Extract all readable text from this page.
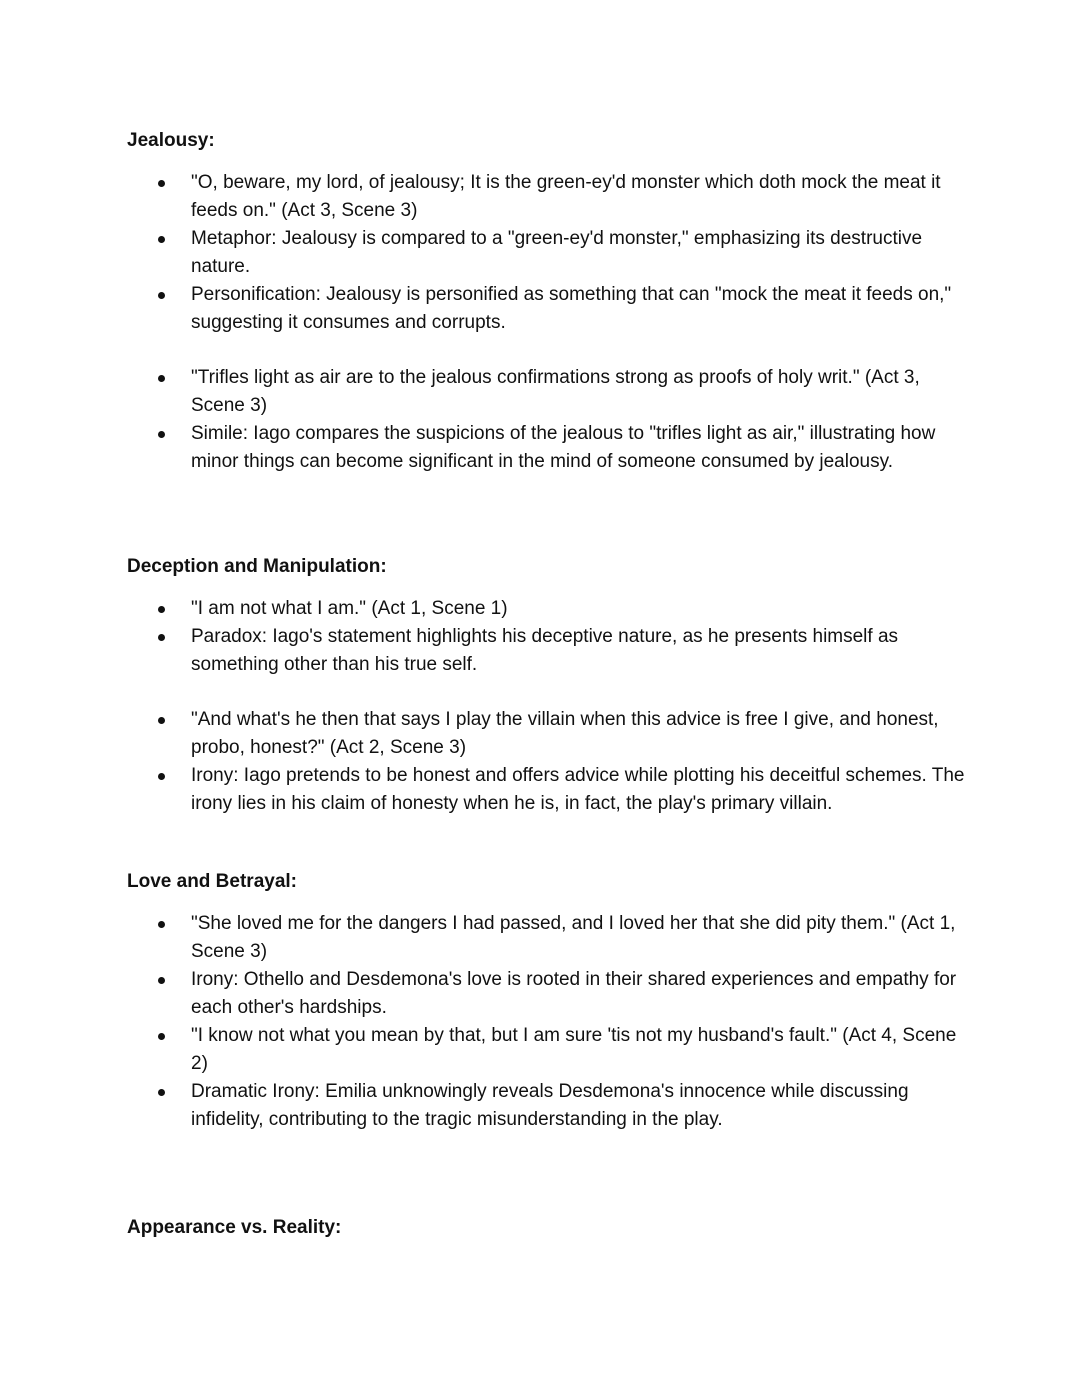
Jealousy:
"O, beware, my lord, of jealousy; It is the green-ey'd monster which doth mock the meat it feeds on." (Act 3, Scene 3)
Metaphor: Jealousy is compared to a "green-ey'd monster," emphasizing its destructive nature.
Personification: Jealousy is personified as something that can "mock the meat it feeds on," suggesting it consumes and corrupts.
"Trifles light as air are to the jealous confirmations strong as proofs of holy writ." (Act 3, Scene 3)
Simile: Iago compares the suspicions of the jealous to "trifles light as air," illustrating how minor things can become significant in the mind of someone consumed by jealousy.
Deception and Manipulation:
"I am not what I am." (Act 1, Scene 1)
Paradox: Iago's statement highlights his deceptive nature, as he presents himself as something other than his true self.
"And what's he then that says I play the villain when this advice is free I give, and honest, probo, honest?" (Act 2, Scene 3)
Irony: Iago pretends to be honest and offers advice while plotting his deceitful schemes. The irony lies in his claim of honesty when he is, in fact, the play's primary villain.
Love and Betrayal:
"She loved me for the dangers I had passed, and I loved her that she did pity them." (Act 1, Scene 3)
Irony: Othello and Desdemona's love is rooted in their shared experiences and empathy for each other's hardships.
"I know not what you mean by that, but I am sure 'tis not my husband's fault." (Act 4, Scene 2)
Dramatic Irony: Emilia unknowingly reveals Desdemona's innocence while discussing infidelity, contributing to the tragic misunderstanding in the play.
Appearance vs. Reality:
